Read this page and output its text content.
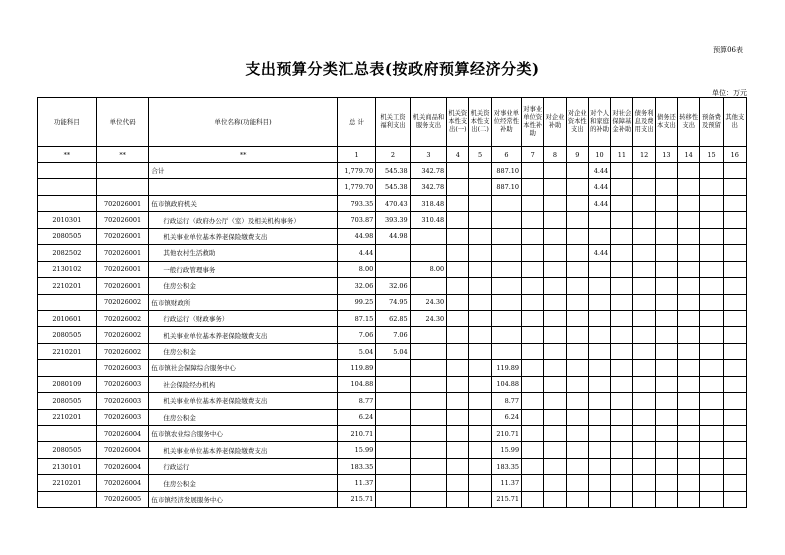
预算06表
支出预算分类汇总表(按政府预算经济分类)
单位：万元
功能科目	单位代码	单位名称(功能科目)	总 计	机关工资福利支出	机关商品和服务支出	机关资本性支出(一)	机关资本性支出(二)	对事业单位经常性补助	对事业单位资本性补助	对企业补助	对企业资本性支出	对个人和家庭的补助	对社会保障基金补助	债务利息及费用支出	债务还本支出	转移性支出	预备费及预留	其他支出
**	**	**	1	2	3	4	5	6	7	8	9	10	11	12	13	14	15	16
		合计	1,779.70	545.38	342.78			887.10				4.44						
			1,779.70	545.38	342.78			887.10				4.44						
	702026001	伍市镇政府机关	793.35	470.43	318.48							4.44						
2010301	702026001	行政运行（政府办公厅（室）及相关机构事务）	703.87	393.39	310.48													
2080505	702026001	机关事业单位基本养老保险缴费支出	44.98	44.98														
2082502	702026001	其他农村生活救助	4.44									4.44						
2130102	702026001	一般行政管理事务	8.00		8.00													
2210201	702026001	住房公积金	32.06	32.06														
	702026002	伍市镇财政所	99.25	74.95	24.30													
2010601	702026002	行政运行（财政事务）	87.15	62.85	24.30													
2080505	702026002	机关事业单位基本养老保险缴费支出	7.06	7.06														
2210201	702026002	住房公积金	5.04	5.04														
	702026003	伍市镇社会保障综合服务中心	119.89					119.89										
2080109	702026003	社会保险经办机构	104.88					104.88										
2080505	702026003	机关事业单位基本养老保险缴费支出	8.77					8.77										
2210201	702026003	住房公积金	6.24					6.24										
	702026004	伍市镇农业综合服务中心	210.71					210.71										
2080505	702026004	机关事业单位基本养老保险缴费支出	15.99					15.99										
2130101	702026004	行政运行	183.35					183.35										
2210201	702026004	住房公积金	11.37					11.37										
	702026005	伍市镇经济发展服务中心	215.71					215.71										
